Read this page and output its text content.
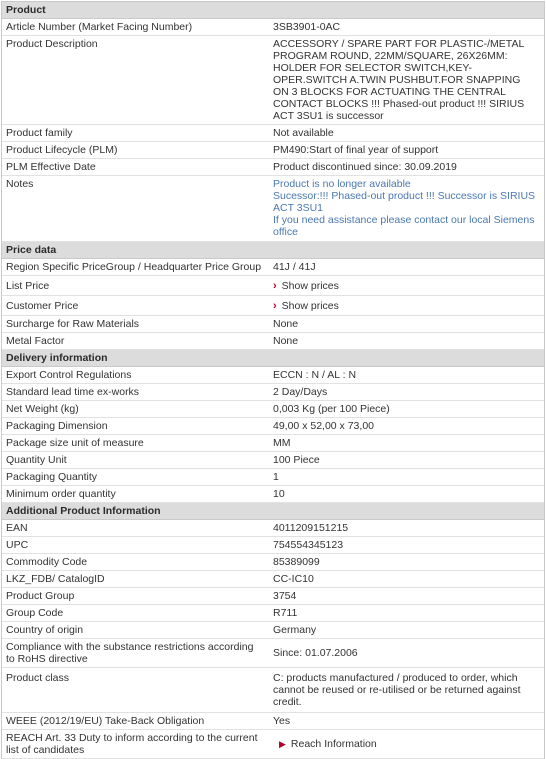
Product
Article Number (Market Facing Number)	3SB3901-0AC
Product Description	ACCESSORY / SPARE PART FOR PLASTIC-/METAL PROGRAM ROUND, 22MM/SQUARE, 26X26MM: HOLDER FOR SELECTOR SWITCH,KEY-OPER.SWITCH A.TWIN PUSHBUT.FOR SNAPPING ON 3 BLOCKS FOR ACTUATING THE CENTRAL CONTACT BLOCKS !!! Phased-out product !!! SIRIUS ACT 3SU1 is successor
Product family	Not available
Product Lifecycle (PLM)	PM490:Start of final year of support
PLM Effective Date	Product discontinued since: 30.09.2019
Notes	Product is no longer available
Sucessor:!!! Phased-out product !!! Successor is SIRIUS ACT 3SU1
If you need assistance please contact our local Siemens office
Price data
Region Specific PriceGroup / Headquarter Price Group	41J / 41J
List Price	› Show prices
Customer Price	› Show prices
Surcharge for Raw Materials	None
Metal Factor	None
Delivery information
Export Control Regulations	ECCN : N / AL : N
Standard lead time ex-works	2 Day/Days
Net Weight (kg)	0,003 Kg (per 100 Piece)
Packaging Dimension	49,00 x 52,00 x 73,00
Package size unit of measure	MM
Quantity Unit	100 Piece
Packaging Quantity	1
Minimum order quantity	10
Additional Product Information
EAN	4011209151215
UPC	754554345123
Commodity Code	85389099
LKZ_FDB/ CatalogID	CC-IC10
Product Group	3754
Group Code	R711
Country of origin	Germany
Compliance with the substance restrictions according to RoHS directive	Since: 01.07.2006
Product class	C: products manufactured / produced to order, which cannot be reused or re-utilised or be returned against credit.
WEEE (2012/19/EU) Take-Back Obligation	Yes
REACH Art. 33 Duty to inform according to the current list of candidates	▶ Reach Information
